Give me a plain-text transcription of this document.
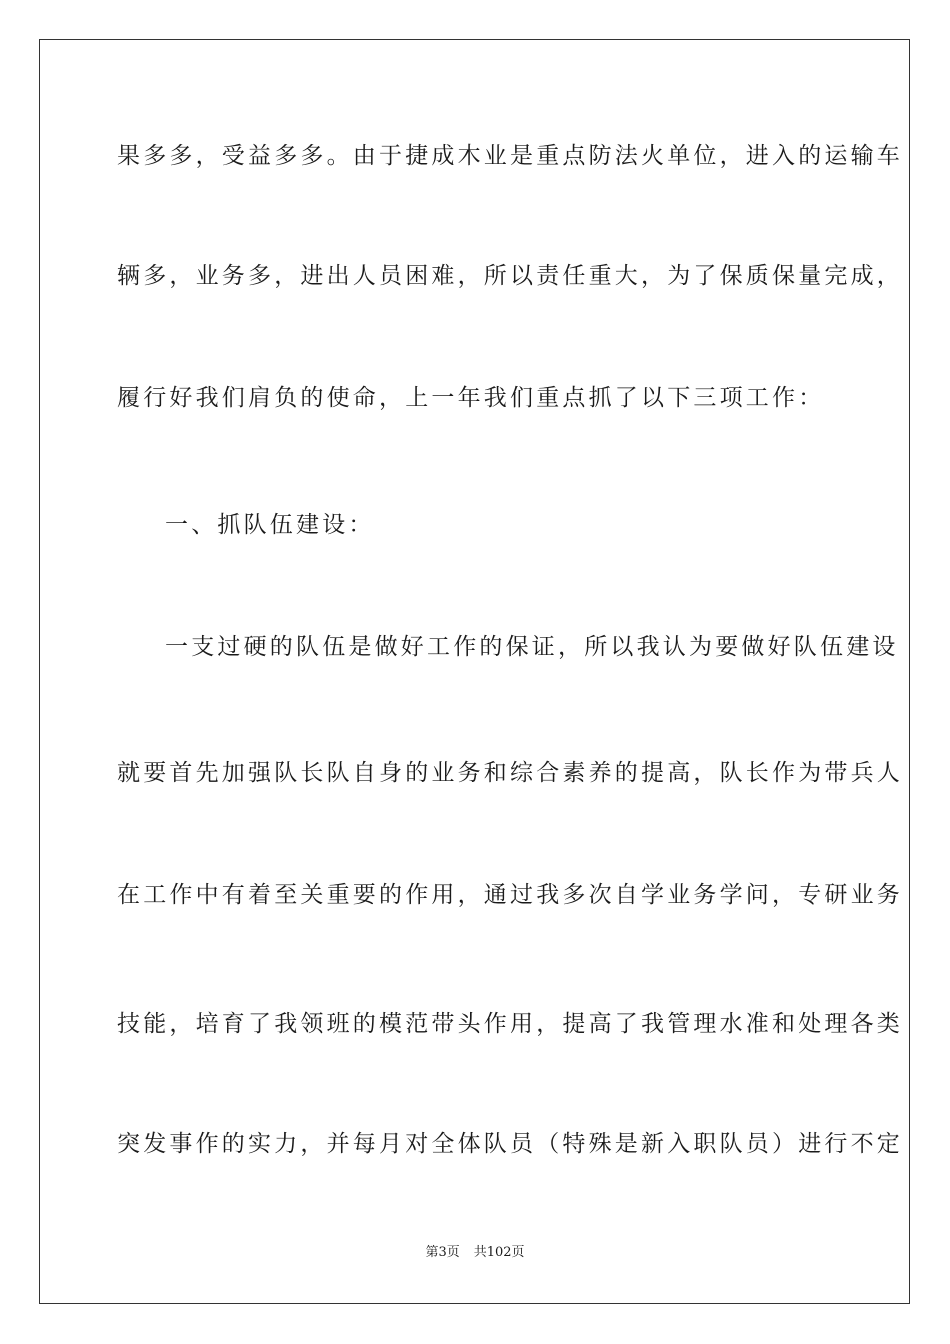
果多多，受益多多。由于捷成木业是重点防法火单位，进入的运输车
辆多，业务多，进出人员困难，所以责任重大，为了保质保量完成，
履行好我们肩负的使命，上一年我们重点抓了以下三项工作：
一、抓队伍建设：
一支过硬的队伍是做好工作的保证，所以我认为要做好队伍建设
就要首先加强队长队自身的业务和综合素养的提高，队长作为带兵人
在工作中有着至关重要的作用，通过我多次自学业务学问，专研业务
技能，培育了我领班的模范带头作用，提高了我管理水准和处理各类
突发事作的实力，并每月对全体队员（特殊是新入职队员）进行不定
第3页 共102页
